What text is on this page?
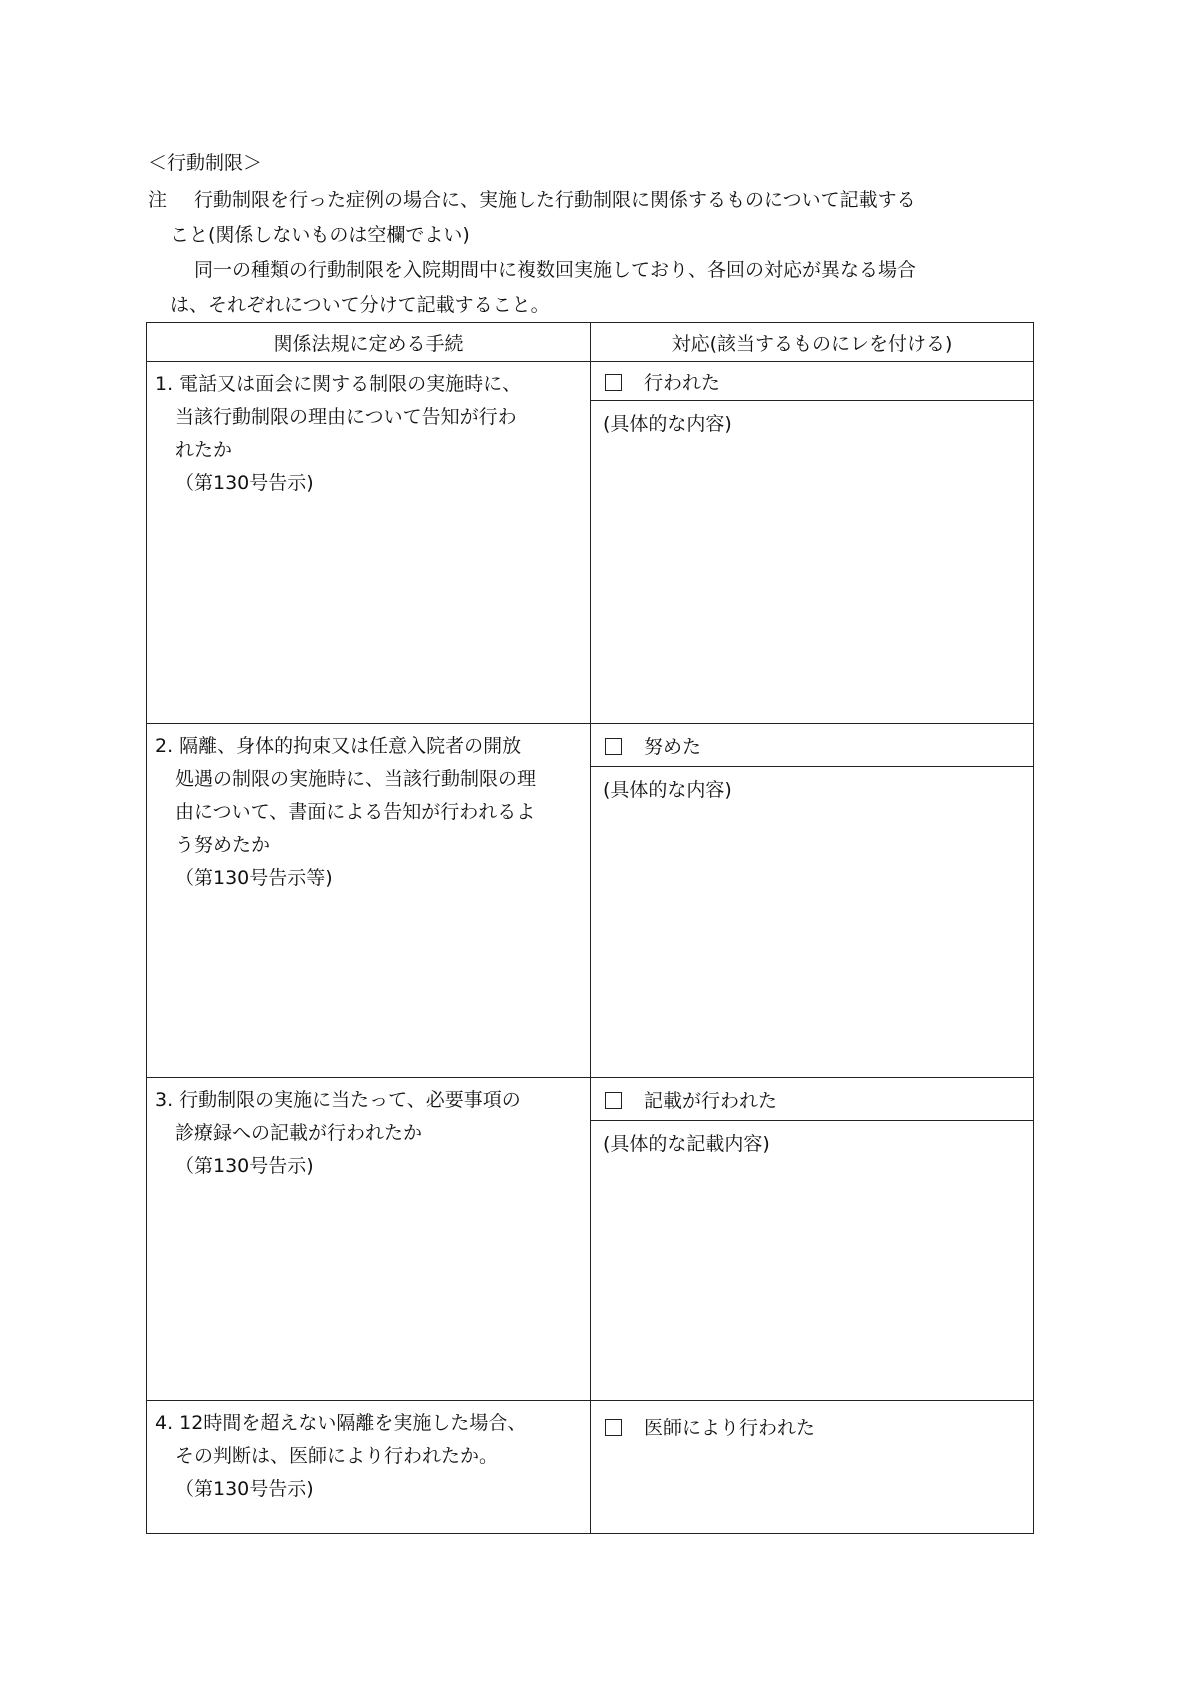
＜行動制限＞
注 行動制限を行った症例の場合に、実施した行動制限に関係するものについて記載する
こと(関係しないものは空欄でよい)
同一の種類の行動制限を入院期間中に複数回実施しており、各回の対応が異なる場合
は、それぞれについて分けて記載すること。
関係法規に定める手続	対応(該当するものにレを付ける)

1. 電話又は面会に関する制限の実施時に、
当該行動制限の理由について告知が行わ
れたか
（第130号告示)	行われた
	(具体的な内容)

2. 隔離、身体的拘束又は任意入院者の開放
処遇の制限の実施時に、当該行動制限の理
由について、書面による告知が行われるよ
う努めたか
（第130号告示等)	努めた
	(具体的な内容)

3. 行動制限の実施に当たって、必要事項の
診療録への記載が行われたか
（第130号告示)	記載が行われた
	(具体的な記載内容)

4. 12時間を超えない隔離を実施した場合、
その判断は、医師により行われたか。
（第130号告示)	医師により行われた
